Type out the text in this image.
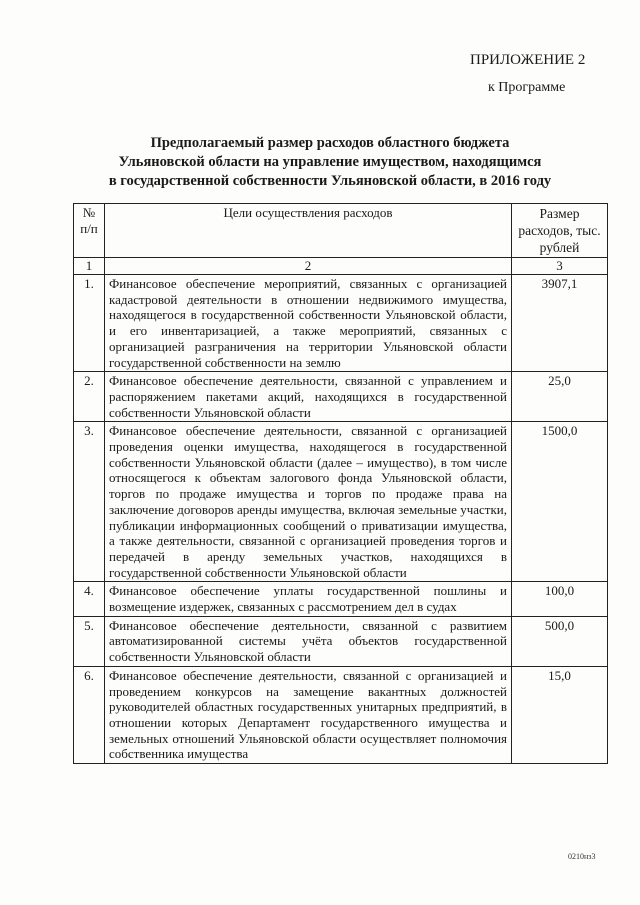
ПРИЛОЖЕНИЕ 2
к Программе
Предполагаемый размер расходов областного бюджета
Ульяновской области на управление имуществом, находящимся
в государственной собственности Ульяновской области, в 2016 году
№ п/п	Цели осуществления расходов	Размер расходов, тыс. рублей
1	2	3
1.	Финансовое обеспечение мероприятий, связанных с организацией кадастровой деятельности в отношении недвижимого имущества, находящегося в государственной собственности Ульяновской области, и его инвентаризацией, а также мероприятий, связанных с организацией разграничения на территории Ульяновской области государственной собственности на землю	3907,1
2.	Финансовое обеспечение деятельности, связанной с управлением и распоряжением пакетами акций, находящихся в государственной собственности Ульяновской области	25,0
3.	Финансовое обеспечение деятельности, связанной с организацией проведения оценки имущества, находящегося в государственной собственности Ульяновской области (далее – имущество), в том числе относящегося к объектам залогового фонда Ульяновской области, торгов по продаже имущества и торгов по продаже права на заключение договоров аренды имущества, включая земельные участки, публикации информационных сообщений о приватизации имущества, а также деятельности, связанной с организацией проведения торгов и передачей в аренду земельных участков, находящихся в государственной собственности Ульяновской области	1500,0
4.	Финансовое обеспечение уплаты государственной пошлины и возмещение издержек, связанных с рассмотрением дел в судах	100,0
5.	Финансовое обеспечение деятельности, связанной с развитием автоматизированной системы учёта объектов государственной собственности Ульяновской области	500,0
6.	Финансовое обеспечение деятельности, связанной с организацией и проведением конкурсов на замещение вакантных должностей руководителей областных государственных унитарных предприятий, в отношении которых Департамент государственного имущества и земельных отношений Ульяновской области осуществляет полномочия собственника имущества	15,0
0210нз3
